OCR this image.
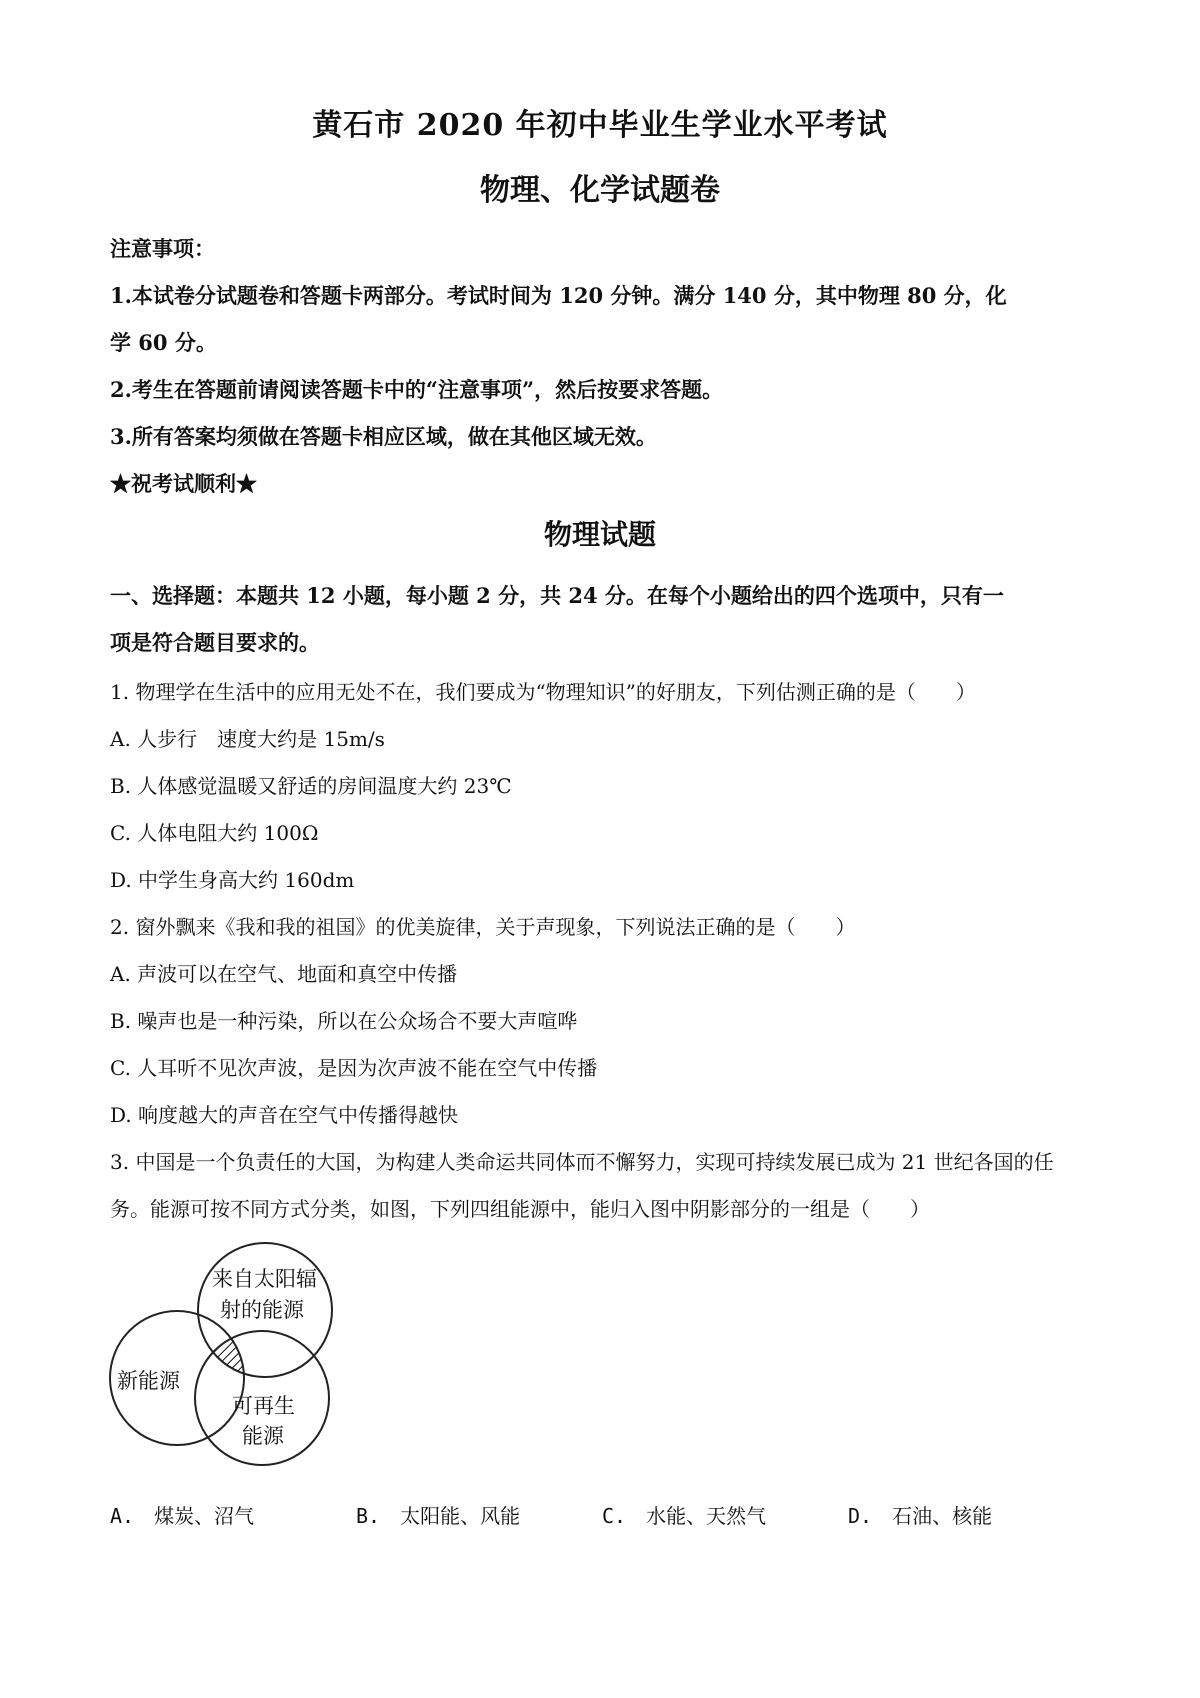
黄石市 2020 年初中毕业生学业水平考试
物理、化学试题卷
注意事项：
1.本试卷分试题卷和答题卡两部分。考试时间为 120 分钟。满分 140 分，其中物理 80 分，化
学 60 分。
2.考生在答题前请阅读答题卡中的“注意事项”，然后按要求答题。
3.所有答案均须做在答题卡相应区域，做在其他区域无效。
★祝考试顺利★
物理试题
一、选择题：本题共 12 小题，每小题 2 分，共 24 分。在每个小题给出的四个选项中，只有一
项是符合题目要求的。
1. 物理学在生活中的应用无处不在，我们要成为“物理知识”的好朋友，下列估测正确的是（　　）
A. 人步行　速度大约是 15m/s
B. 人体感觉温暖又舒适的房间温度大约 23℃
C. 人体电阻大约 100Ω
D. 中学生身高大约 160dm
2. 窗外飘来《我和我的祖国》的优美旋律，关于声现象，下列说法正确的是（　　）
A. 声波可以在空气、地面和真空中传播
B. 噪声也是一种污染，所以在公众场合不要大声喧哗
C. 人耳听不见次声波，是因为次声波不能在空气中传播
D. 响度越大的声音在空气中传播得越快
3. 中国是一个负责任的大国，为构建人类命运共同体而不懈努力，实现可持续发展已成为 21 世纪各国的任
务。能源可按不同方式分类，如图，下列四组能源中，能归入图中阴影部分的一组是（　　）
来自太阳辐
射的能源
新能源
可再生
能源
A.　煤炭、沼气	B.　太阳能、风能	C.　水能、天然气	D.　石油、核能
